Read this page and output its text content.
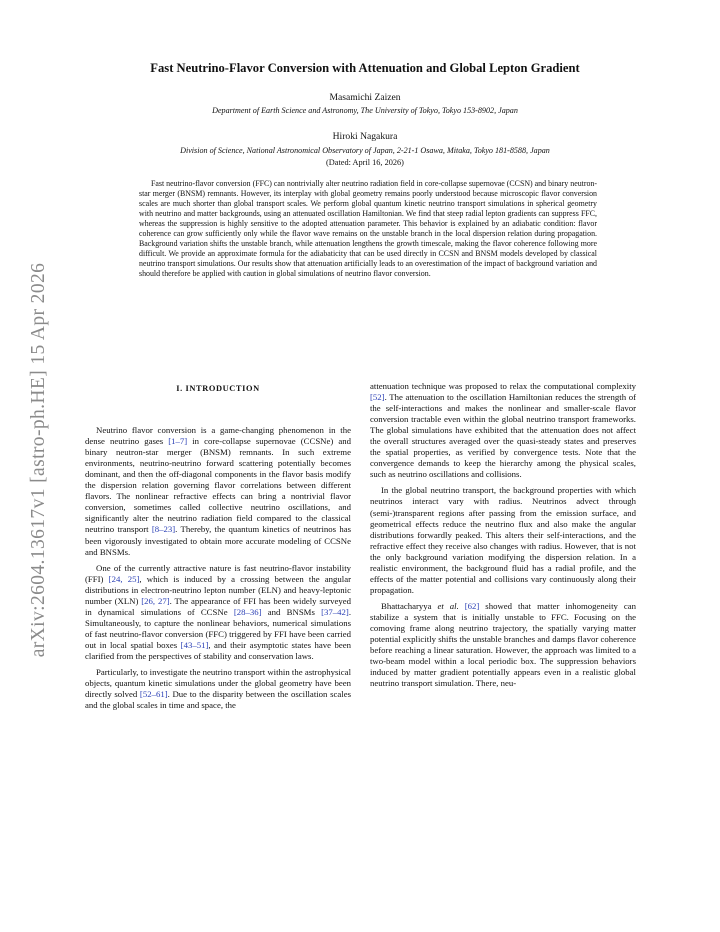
arXiv:2604.13617v1 [astro-ph.HE] 15 Apr 2026
Fast Neutrino-Flavor Conversion with Attenuation and Global Lepton Gradient
Masamichi Zaizen
Department of Earth Science and Astronomy, The University of Tokyo, Tokyo 153-8902, Japan
Hiroki Nagakura
Division of Science, National Astronomical Observatory of Japan, 2-21-1 Osawa, Mitaka, Tokyo 181-8588, Japan
(Dated: April 16, 2026)

Fast neutrino-flavor conversion (FFC) can nontrivially alter neutrino radiation field in core-collapse supernovae (CCSN) and binary neutron-star merger (BNSM) remnants. However, its interplay with global geometry remains poorly understood because microscopic flavor conversion scales are much shorter than global transport scales. We perform global quantum kinetic neutrino transport simulations in spherical geometry with neutrino and matter backgrounds, using an attenuated oscillation Hamiltonian. We find that steep radial lepton gradients can suppress FFC, whereas the suppression is highly sensitive to the adopted attenuation parameter. This behavior is explained by an adiabatic condition: flavor coherence can grow sufficiently only while the flavor wave remains on the unstable branch in the local dispersion relation during propagation. Background variation shifts the unstable branch, while attenuation lengthens the growth timescale, making the flavor coherence following more difficult. We provide an approximate formula for the adiabaticity that can be used directly in CCSN and BNSM models developed by classical neutrino transport simulations. Our results show that attenuation artificially leads to an overestimation of the impact of background variation and should therefore be applied with caution in global simulations of neutrino flavor conversion.

I. INTRODUCTION

Neutrino flavor conversion is a game-changing phenomenon in the dense neutrino gases [1–7] in core-collapse supernovae (CCSNe) and binary neutron-star merger (BNSM) remnants. In such extreme environments, neutrino-neutrino forward scattering potentially becomes dominant, and then the off-diagonal components in the flavor basis modify the dispersion relation governing flavor correlations between different flavors. The nonlinear refractive effects can bring a nontrivial flavor conversion, sometimes called collective neutrino oscillations, and significantly alter the neutrino radiation field compared to the classical neutrino transport [8–23]. Thereby, the quantum kinetics of neutrinos has been vigorously investigated to obtain more accurate modeling of CCSNe and BNSMs.

One of the currently attractive nature is fast neutrino-flavor instability (FFI) [24, 25], which is induced by a crossing between the angular distributions in electron-neutrino lepton number (ELN) and heavy-leptonic number (XLN) [26, 27]. The appearance of FFI has been widely surveyed in dynamical simulations of CCSNe [28–36] and BNSMs [37–42]. Simultaneously, to capture the nonlinear behaviors, numerical simulations of fast neutrino-flavor conversion (FFC) triggered by FFI have been carried out in local spatial boxes [43–51], and their asymptotic states have been clarified from the perspectives of stability and conservation laws.

Particularly, to investigate the neutrino transport within the astrophysical objects, quantum kinetic simulations under the global geometry have been directly solved [52–61]. Due to the disparity between the oscillation scales and the global scales in time and space, the

attenuation technique was proposed to relax the computational complexity [52]. The attenuation to the oscillation Hamiltonian reduces the strength of the self-interactions and makes the nonlinear and smaller-scale flavor conversion tractable even within the global neutrino transport frameworks. The global simulations have exhibited that the attenuation does not affect the overall structures averaged over the quasi-steady states and preserves the spatial properties, as verified by convergence tests. Note that the convergence demands to keep the hierarchy among the physical scales, such as neutrino oscillations and collisions.

In the global neutrino transport, the background properties with which neutrinos interact vary with radius. Neutrinos advect through (semi-)transparent regions after passing from the emission surface, and geometrical effects reduce the neutrino flux and also make the angular distributions forwardly peaked. This alters their self-interactions, and the refractive effect they receive also changes with radius. However, that is not the only background variation modifying the dispersion relation. In a realistic environment, the background fluid has a radial profile, and the effects of the matter potential and collisions vary continuously along their propagation.

Bhattacharyya et al. [62] showed that matter inhomogeneity can stabilize a system that is initially unstable to FFC. Focusing on the comoving frame along neutrino trajectory, the spatially varying matter potential explicitly shifts the unstable branches and damps flavor coherence before reaching a linear saturation. However, the approach was limited to a two-beam model within a local periodic box. The suppression behaviors induced by matter gradient potentially appears even in a realistic global neutrino transport simulation. There, neu-
